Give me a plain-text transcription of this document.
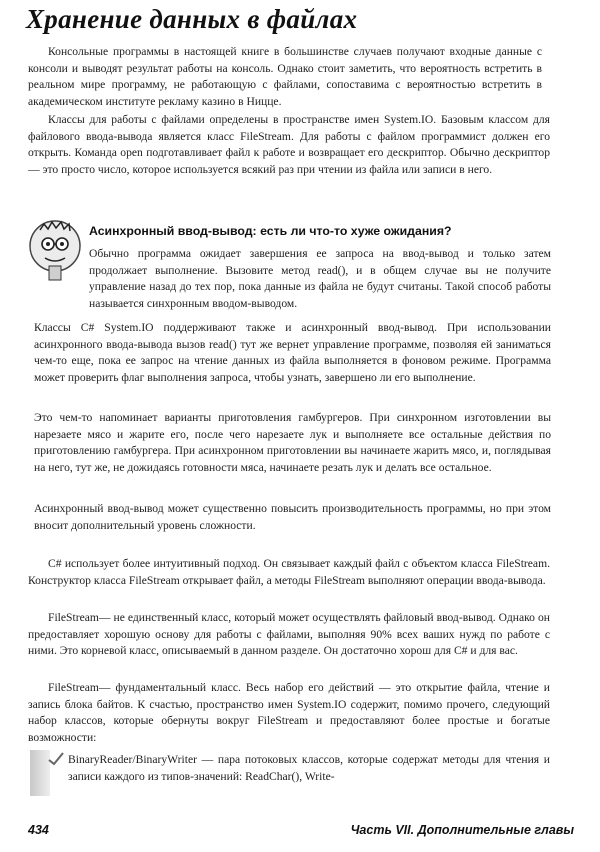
Хранение данных в файлах

Консольные программы в настоящей книге в большинстве случаев получают входные данные с консоли и выводят результат работы на консоль. Однако стоит заметить, что вероятность встретить в реальном мире программу, не работающую с файлами, сопоставима с вероятностью встретить в академическом институте рекламу казино в Ницце.

Классы для работы с файлами определены в пространстве имен System.IO. Базовым классом для файлового ввода-вывода является класс FileStream. Для работы с файлом программист должен его открыть. Команда open подготавливает файл к работе и возвращает его дескриптор. Обычно дескриптор — это просто число, которое используется всякий раз при чтении из файла или записи в него.

Асинхронный ввод-вывод: есть ли что-то хуже ожидания?

Обычно программа ожидает завершения ее запроса на ввод-вывод и только затем продолжает выполнение. Вызовите метод read(), и в общем случае вы не получите управление назад до тех пор, пока данные из файла не будут считаны. Такой способ работы называется синхронным вводом-выводом.

Классы C# System.IO поддерживают также и асинхронный ввод-вывод. При использовании асинхронного ввода-вывода вызов read() тут же вернет управление программе, позволяя ей заниматься чем-то еще, пока ее запрос на чтение данных из файла выполняется в фоновом режиме. Программа может проверить флаг выполнения запроса, чтобы узнать, завершено ли его выполнение.

Это чем-то напоминает варианты приготовления гамбургеров. При синхронном изготовлении вы нарезаете мясо и жарите его, после чего нарезаете лук и выполняете все остальные действия по приготовлению гамбургера. При асинхронном приготовлении вы начинаете жарить мясо, и, поглядывая на него, тут же, не дожидаясь готовности мяса, начинаете резать лук и делать все остальное.

Асинхронный ввод-вывод может существенно повысить производительность программы, но при этом вносит дополнительный уровень сложности.

C# использует более интуитивный подход. Он связывает каждый файл с объектом класса FileStream. Конструктор класса FileStream открывает файл, а методы FileStream выполняют операции ввода-вывода.

FileStream— не единственный класс, который может осуществлять файловый ввод-вывод. Однако он предоставляет хорошую основу для работы с файлами, выполняя 90% всех ваших нужд по работе с ними. Это корневой класс, описываемый в данном разделе. Он достаточно хорош для C# и для вас.

FileStream— фундаментальный класс. Весь набор его действий — это открытие файла, чтение и запись блока байтов. К счастью, пространство имен System.IO содержит, помимо прочего, следующий набор классов, которые обернуты вокруг FileStream и предоставляют более простые и богатые возможности:

BinaryReader/BinaryWriter — пара потоковых классов, которые содержат методы для чтения и записи каждого из типов-значений: ReadChar(), Write-

434	Часть VII. Дополнительные главы
